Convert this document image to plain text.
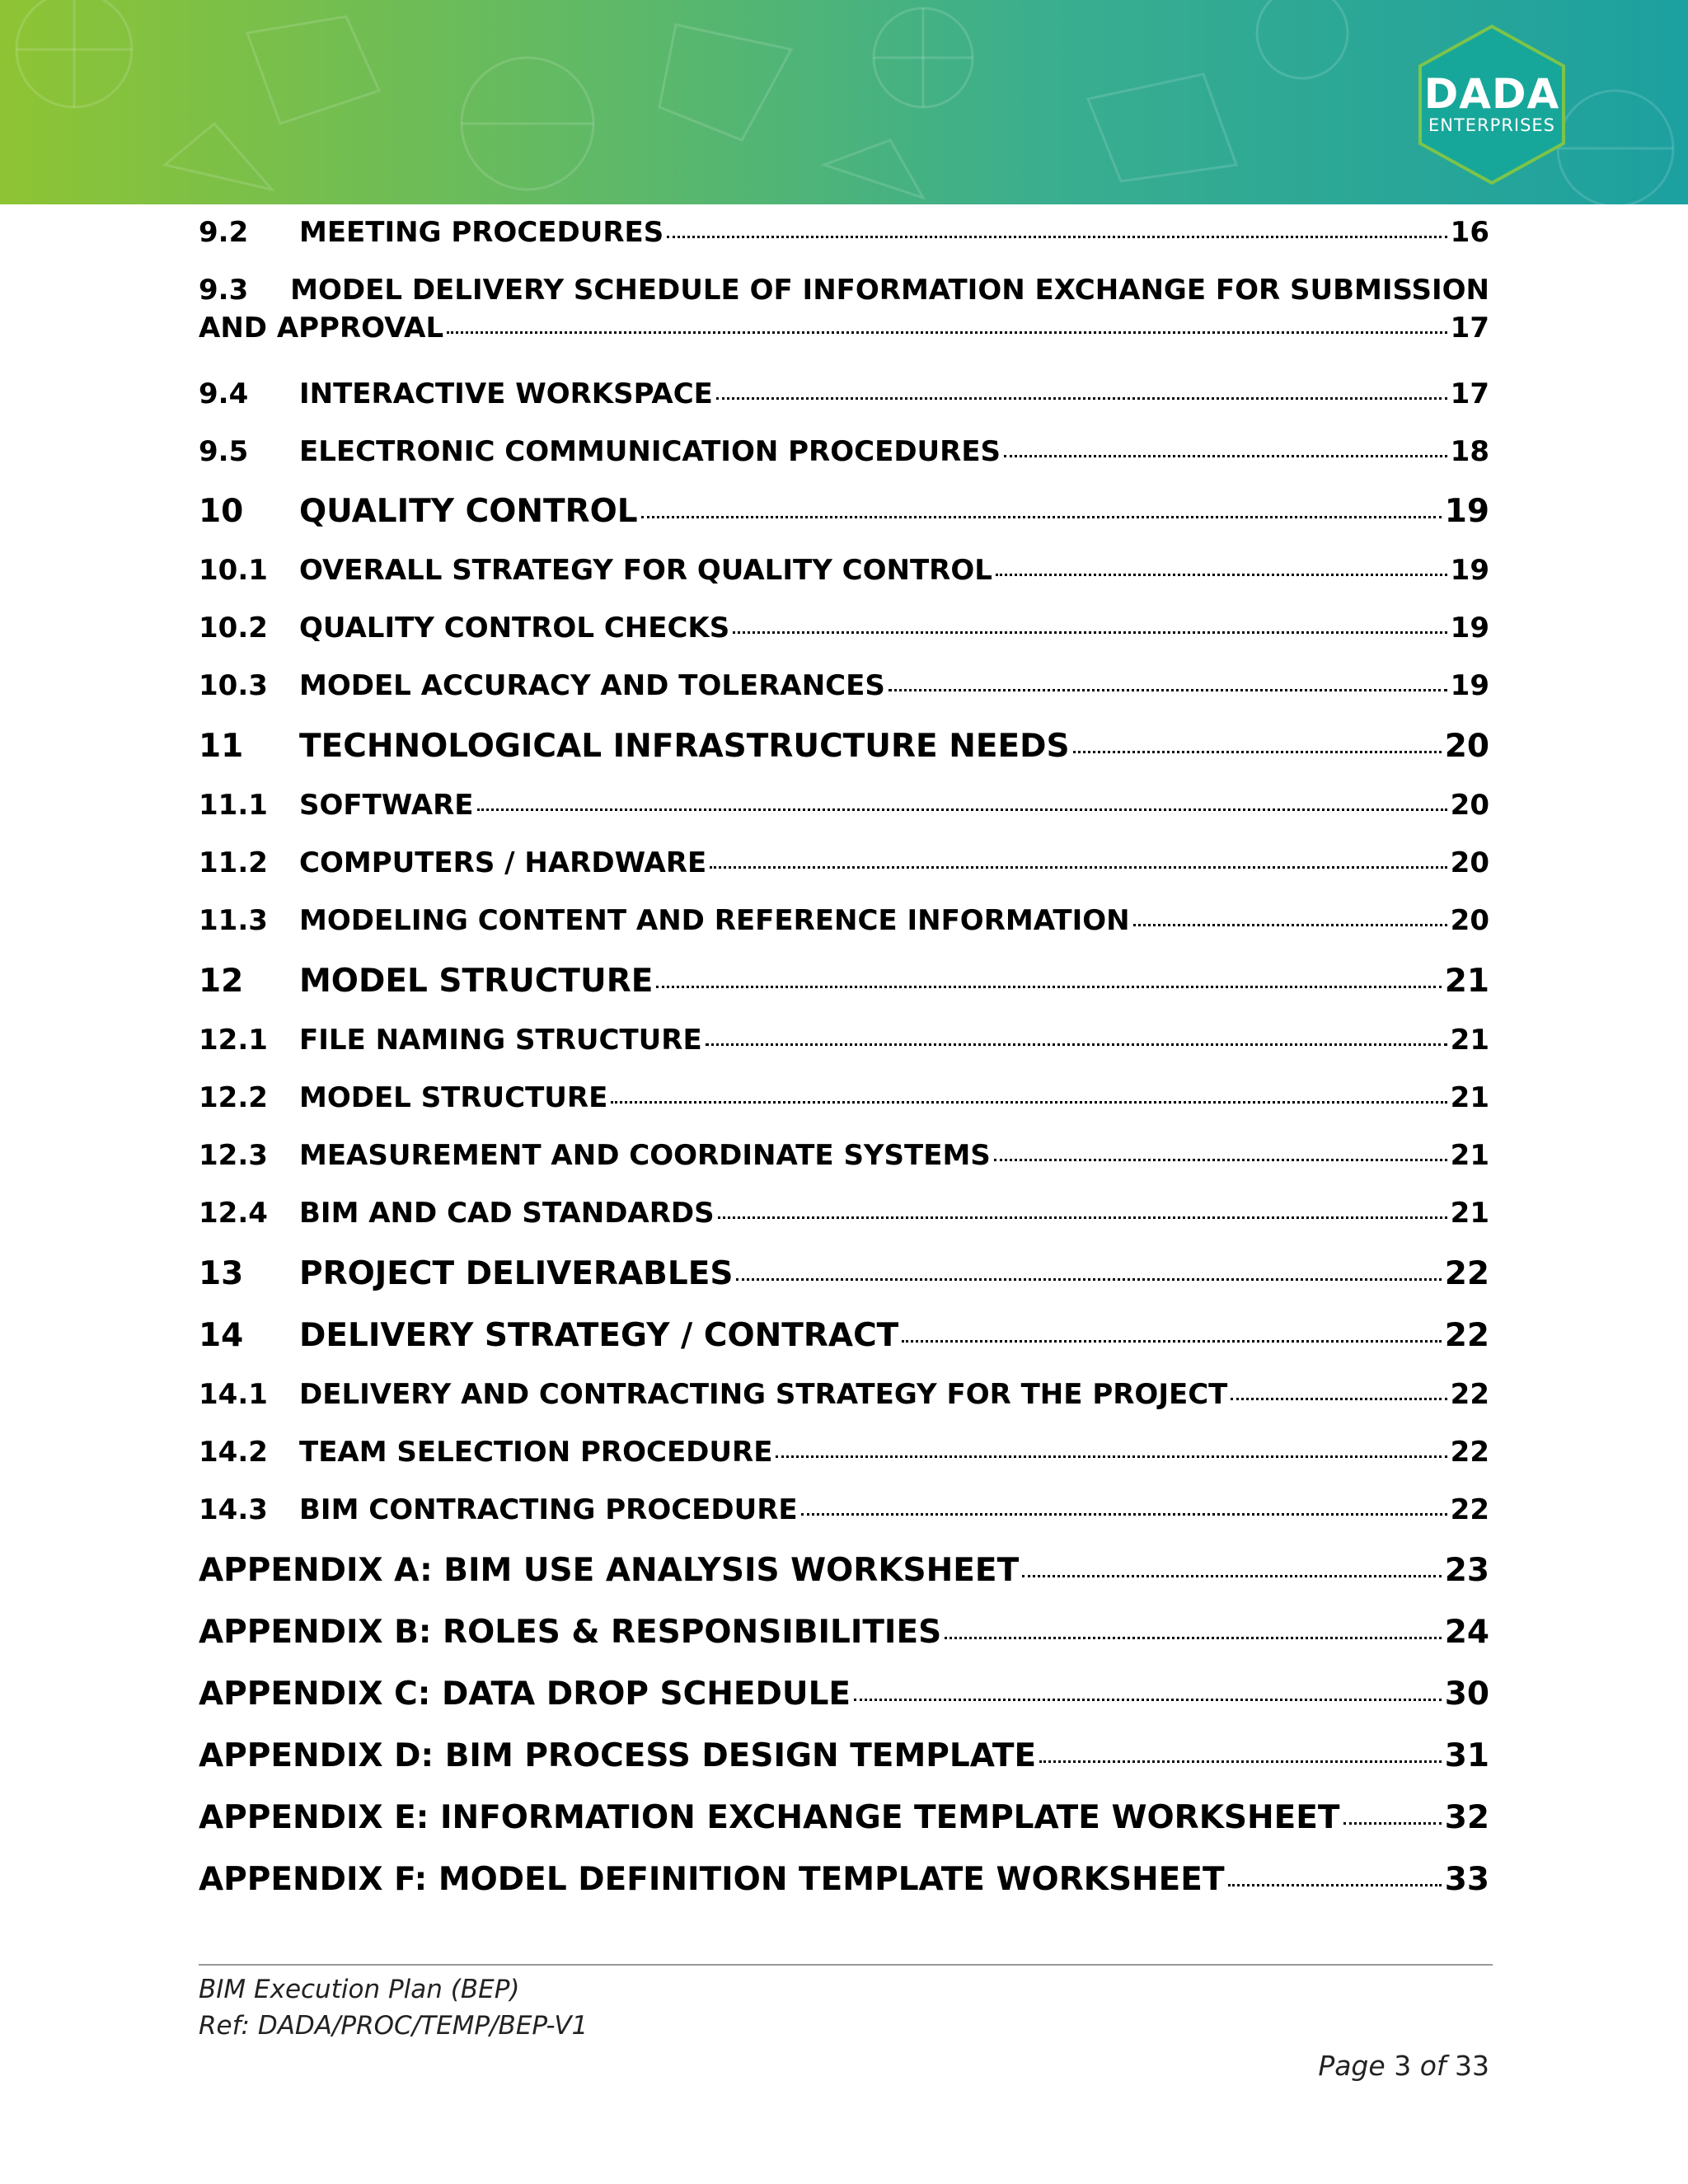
DADA
ENTERPRISES
9.2	MEETING PROCEDURES	16
9.3	MODEL DELIVERY SCHEDULE OF INFORMATION EXCHANGE FOR SUBMISSION
AND APPROVAL	17
9.4	INTERACTIVE WORKSPACE	17
9.5	ELECTRONIC COMMUNICATION PROCEDURES	18
10	QUALITY CONTROL	19
10.1	OVERALL STRATEGY FOR QUALITY CONTROL	19
10.2	QUALITY CONTROL CHECKS	19
10.3	MODEL ACCURACY AND TOLERANCES	19
11	TECHNOLOGICAL INFRASTRUCTURE NEEDS	20
11.1	SOFTWARE	20
11.2	COMPUTERS / HARDWARE	20
11.3	MODELING CONTENT AND REFERENCE INFORMATION	20
12	MODEL STRUCTURE	21
12.1	FILE NAMING STRUCTURE	21
12.2	MODEL STRUCTURE	21
12.3	MEASUREMENT AND COORDINATE SYSTEMS	21
12.4	BIM AND CAD STANDARDS	21
13	PROJECT DELIVERABLES	22
14	DELIVERY STRATEGY / CONTRACT	22
14.1	DELIVERY AND CONTRACTING STRATEGY FOR THE PROJECT	22
14.2	TEAM SELECTION PROCEDURE	22
14.3	BIM CONTRACTING PROCEDURE	22
APPENDIX A: BIM USE ANALYSIS WORKSHEET	23
APPENDIX B: ROLES & RESPONSIBILITIES	24
APPENDIX C: DATA DROP SCHEDULE	30
APPENDIX D: BIM PROCESS DESIGN TEMPLATE	31
APPENDIX E: INFORMATION EXCHANGE TEMPLATE WORKSHEET	32
APPENDIX F: MODEL DEFINITION TEMPLATE WORKSHEET	33
BIM Execution Plan (BEP)
Ref: DADA/PROC/TEMP/BEP-V1
Page 3 of 33
